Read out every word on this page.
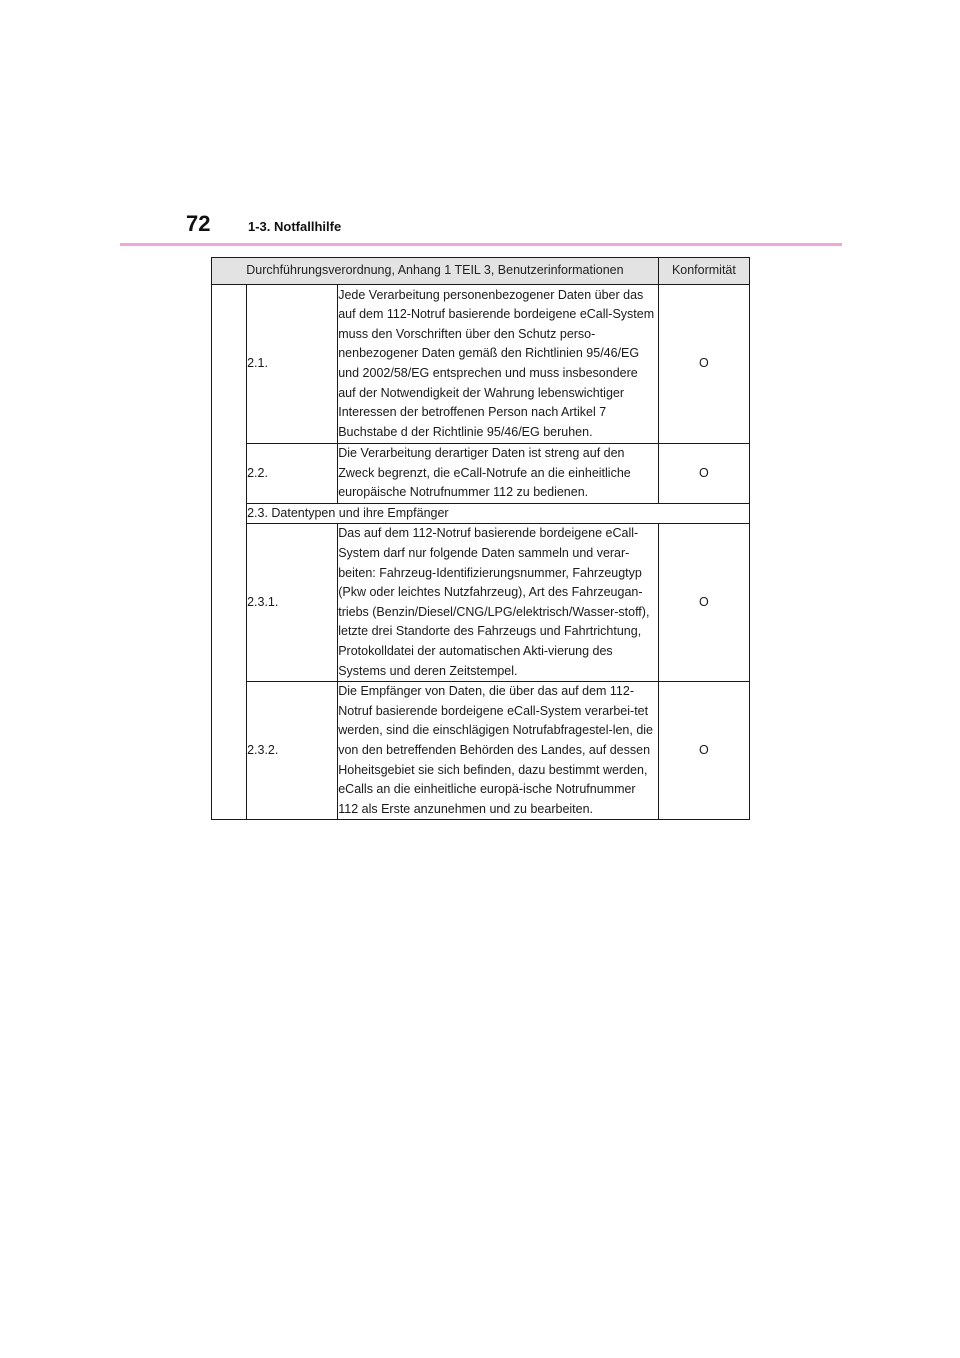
72	1-3. Notfallhilfe
Durchführungsverordnung, Anhang 1 TEIL 3, Benutzerinformationen			Konformität
	2.1.	Jede Verarbeitung personenbezogener Daten über das auf dem 112-Notruf basierende bordeigene eCall-System muss den Vorschriften über den Schutz perso-nenbezogener Daten gemäß den Richtlinien 95/46/EG und 2002/58/EG entsprechen und muss insbesondere auf der Notwendigkeit der Wahrung lebenswichtiger Interessen der betroffenen Person nach Artikel 7 Buchstabe d der Richtlinie 95/46/EG beruhen.	O
	2.2.	Die Verarbeitung derartiger Daten ist streng auf den Zweck begrenzt, die eCall-Notrufe an die einheitliche europäische Notrufnummer 112 zu bedienen.	O
	2.3. Datentypen und ihre Empfänger		
	2.3.1.	Das auf dem 112-Notruf basierende bordeigene eCall-System darf nur folgende Daten sammeln und verar-beiten: Fahrzeug-Identifizierungsnummer, Fahrzeugtyp (Pkw oder leichtes Nutzfahrzeug), Art des Fahrzeugan-triebs (Benzin/Diesel/CNG/LPG/elektrisch/Wasser-stoff), letzte drei Standorte des Fahrzeugs und Fahrtrichtung, Protokolldatei der automatischen Akti-vierung des Systems und deren Zeitstempel.	O
	2.3.2.	Die Empfänger von Daten, die über das auf dem 112-Notruf basierende bordeigene eCall-System verarbei-tet werden, sind die einschlägigen Notrufabfragestel-len, die von den betreffenden Behörden des Landes, auf dessen Hoheitsgebiet sie sich befinden, dazu bestimmt werden, eCalls an die einheitliche europä-ische Notrufnummer 112 als Erste anzunehmen und zu bearbeiten.	O
